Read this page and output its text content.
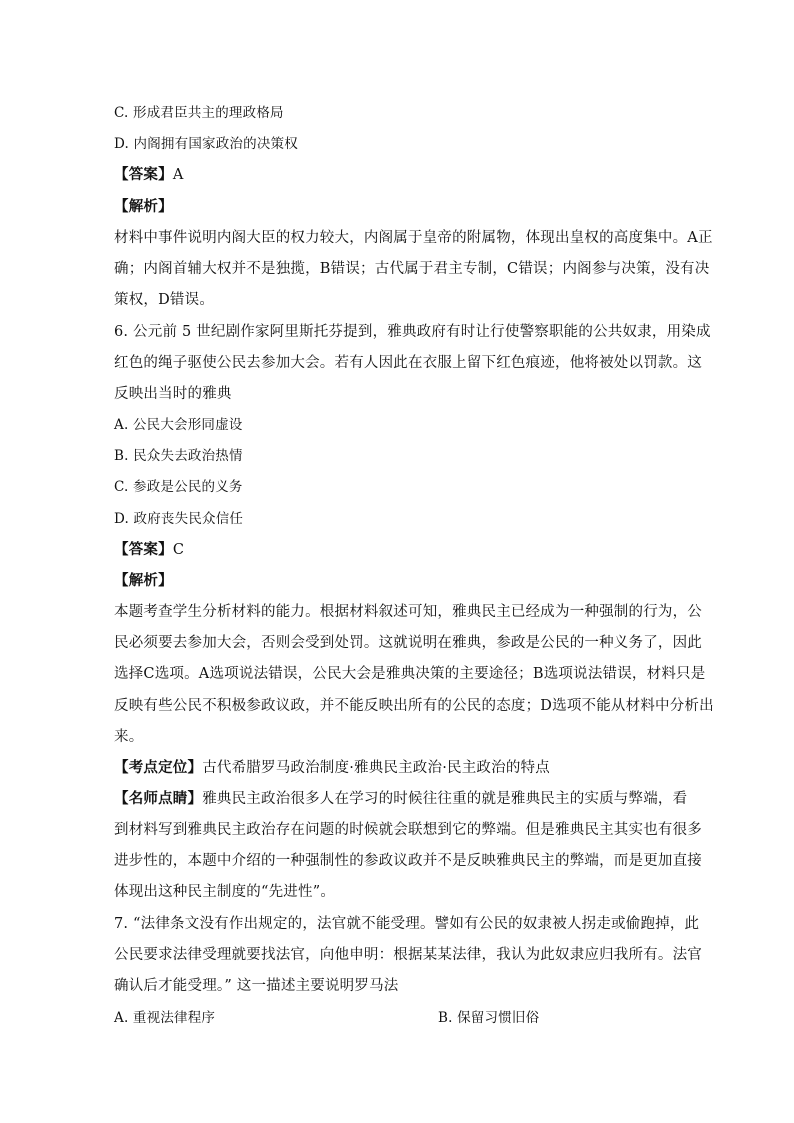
C. 形成君臣共主的理政格局
D. 内阁拥有国家政治的决策权
【答案】A
【解析】
材料中事件说明内阁大臣的权力较大，内阁属于皇帝的附属物，体现出皇权的高度集中。A正
确；内阁首辅大权并不是独揽，B错误；古代属于君主专制，C错误；内阁参与决策，没有决
策权，D错误。
6. 公元前 5 世纪剧作家阿里斯托芬提到，雅典政府有时让行使警察职能的公共奴隶，用染成
红色的绳子驱使公民去参加大会。若有人因此在衣服上留下红色痕迹，他将被处以罚款。这
反映出当时的雅典
A. 公民大会形同虚设
B. 民众失去政治热情
C. 参政是公民的义务
D. 政府丧失民众信任
【答案】C
【解析】
本题考查学生分析材料的能力。根据材料叙述可知，雅典民主已经成为一种强制的行为，公
民必须要去参加大会，否则会受到处罚。这就说明在雅典，参政是公民的一种义务了，因此
选择C选项。A选项说法错误，公民大会是雅典决策的主要途径；B选项说法错误，材料只是
反映有些公民不积极参政议政，并不能反映出所有的公民的态度；D选项不能从材料中分析出
来。
【考点定位】古代希腊罗马政治制度·雅典民主政治·民主政治的特点
【名师点睛】雅典民主政治很多人在学习的时候往往重的就是雅典民主的实质与弊端，看
到材料写到雅典民主政治存在问题的时候就会联想到它的弊端。但是雅典民主其实也有很多
进步性的，本题中介绍的一种强制性的参政议政并不是反映雅典民主的弊端，而是更加直接
体现出这种民主制度的“先进性”。
7. “法律条文没有作出规定的，法官就不能受理。譬如有公民的奴隶被人拐走或偷跑掉，此
公民要求法律受理就要找法官，向他申明：根据某某法律，我认为此奴隶应归我所有。法官
确认后才能受理。” 这一描述主要说明罗马法
A. 重视法律程序	B. 保留习惯旧俗
